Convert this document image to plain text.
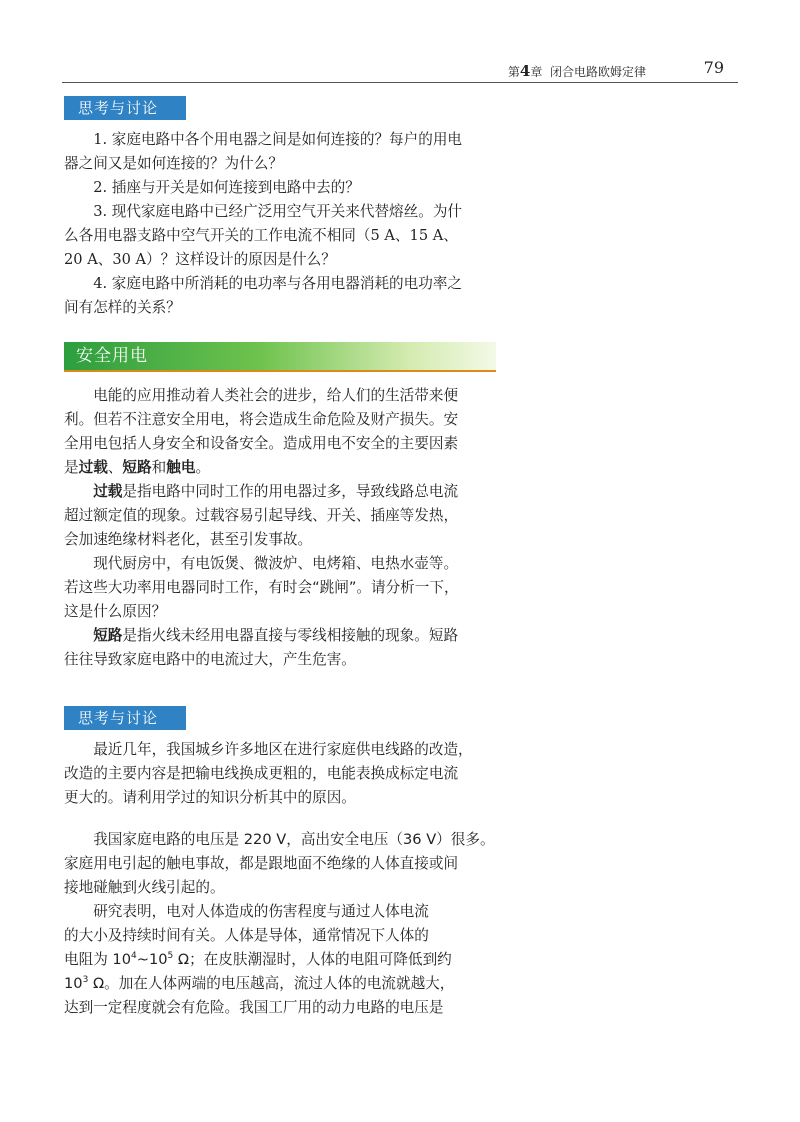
第4章 闭合电路欧姆定律	79
思考与讨论

1. 家庭电路中各个用电器之间是如何连接的？每户的用电
器之间又是如何连接的？为什么？

2. 插座与开关是如何连接到电路中去的？

3. 现代家庭电路中已经广泛用空气开关来代替熔丝。为什
么各用电器支路中空气开关的工作电流不相同（5 A、15 A、
20 A、30 A）？这样设计的原因是什么？

4. 家庭电路中所消耗的电功率与各用电器消耗的电功率之
间有怎样的关系？

安全用电

电能的应用推动着人类社会的进步，给人们的生活带来便
利。但若不注意安全用电，将会造成生命危险及财产损失。安
全用电包括人身安全和设备安全。造成用电不安全的主要因素
是过载、短路和触电。

过载是指电路中同时工作的用电器过多，导致线路总电流
超过额定值的现象。过载容易引起导线、开关、插座等发热，
会加速绝缘材料老化，甚至引发事故。

现代厨房中，有电饭煲、微波炉、电烤箱、电热水壶等。
若这些大功率用电器同时工作，有时会“跳闸”。请分析一下，
这是什么原因？

短路是指火线未经用电器直接与零线相接触的现象。短路
往往导致家庭电路中的电流过大，产生危害。

思考与讨论

最近几年，我国城乡许多地区在进行家庭供电线路的改造，
改造的主要内容是把输电线换成更粗的，电能表换成标定电流
更大的。请利用学过的知识分析其中的原因。

我国家庭电路的电压是 220 V，高出安全电压（36 V）很多。
家庭用电引起的触电事故，都是跟地面不绝缘的人体直接或间
接地碰触到火线引起的。

研究表明，电对人体造成的伤害程度与通过人体电流
的大小及持续时间有关。人体是导体，通常情况下人体的
电阻为 $10^4\sim 10^5$ Ω；在皮肤潮湿时，人体的电阻可降低到约
$10^3$ Ω。加在人体两端的电压越高，流过人体的电流就越大，
达到一定程度就会有危险。我国工厂用的动力电路的电压是
